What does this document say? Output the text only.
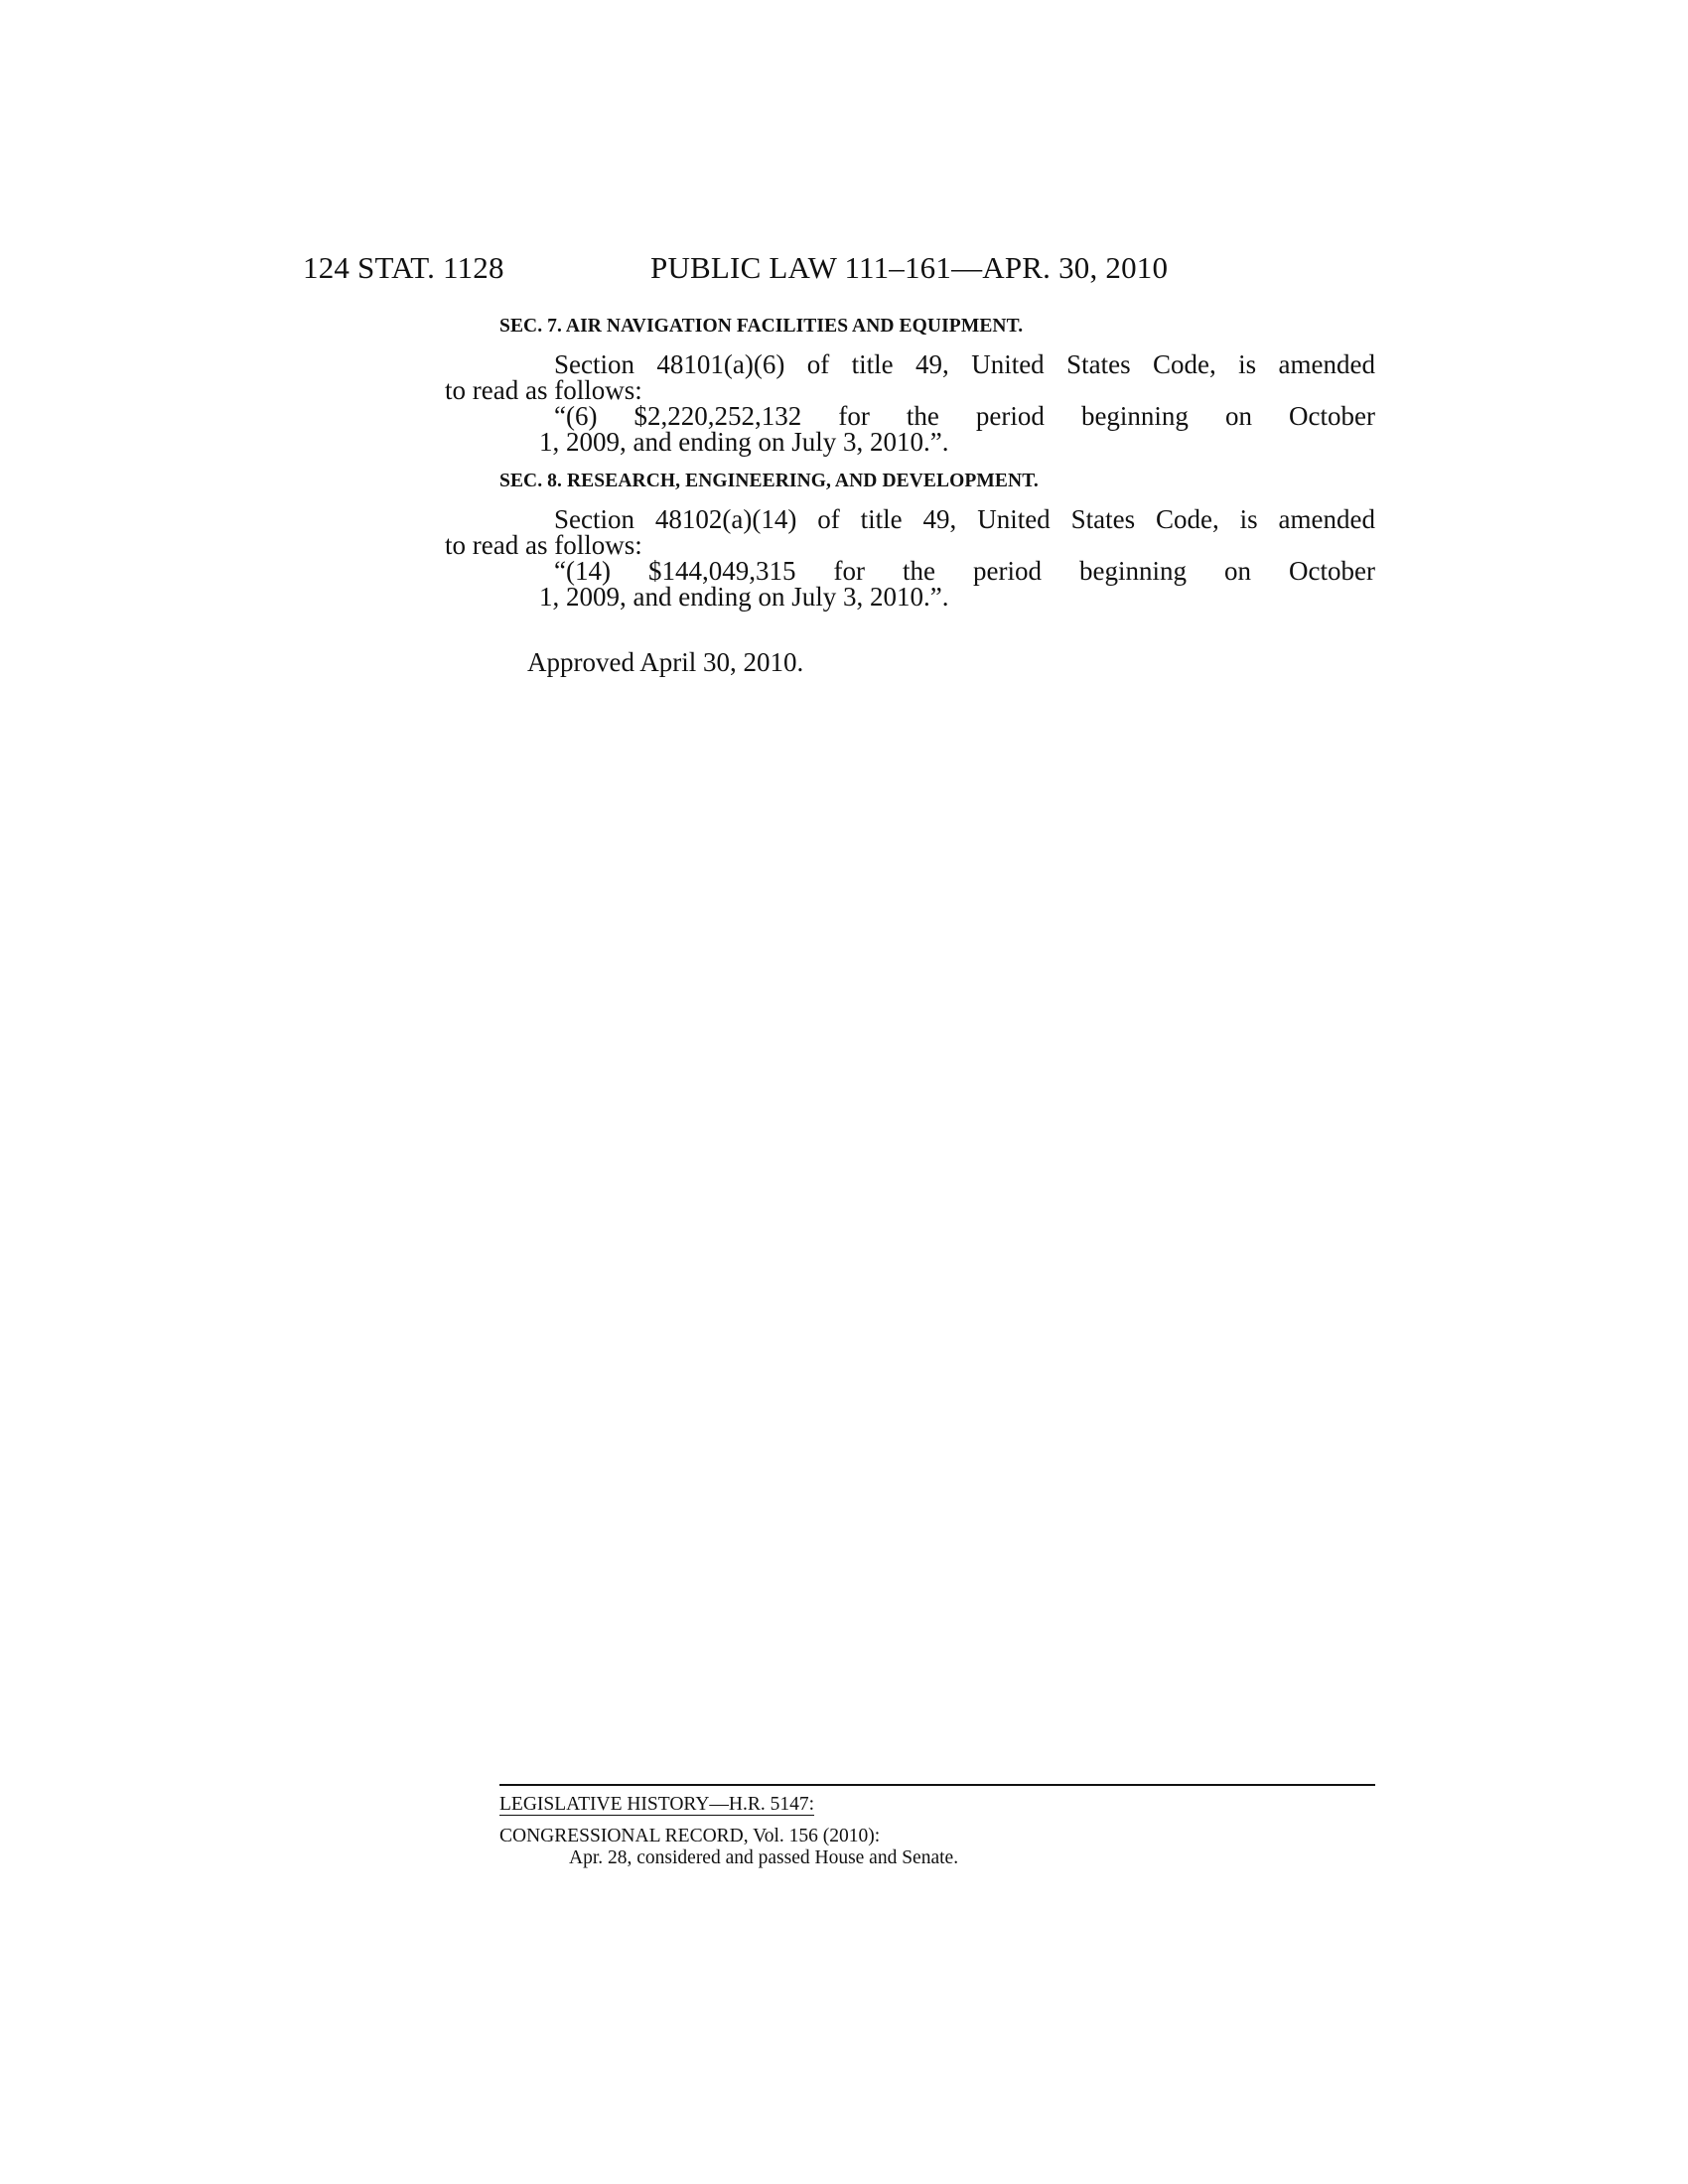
124 STAT. 1128	PUBLIC LAW 111–161—APR. 30, 2010
SEC. 7. AIR NAVIGATION FACILITIES AND EQUIPMENT.
Section 48101(a)(6) of title 49, United States Code, is amended
to read as follows:
“(6) $2,220,252,132 for the period beginning on October
1, 2009, and ending on July 3, 2010.”.
SEC. 8. RESEARCH, ENGINEERING, AND DEVELOPMENT.
Section 48102(a)(14) of title 49, United States Code, is amended
to read as follows:
“(14) $144,049,315 for the period beginning on October
1, 2009, and ending on July 3, 2010.”.
Approved April 30, 2010.
LEGISLATIVE HISTORY—H.R. 5147:
CONGRESSIONAL RECORD, Vol. 156 (2010):
Apr. 28, considered and passed House and Senate.
